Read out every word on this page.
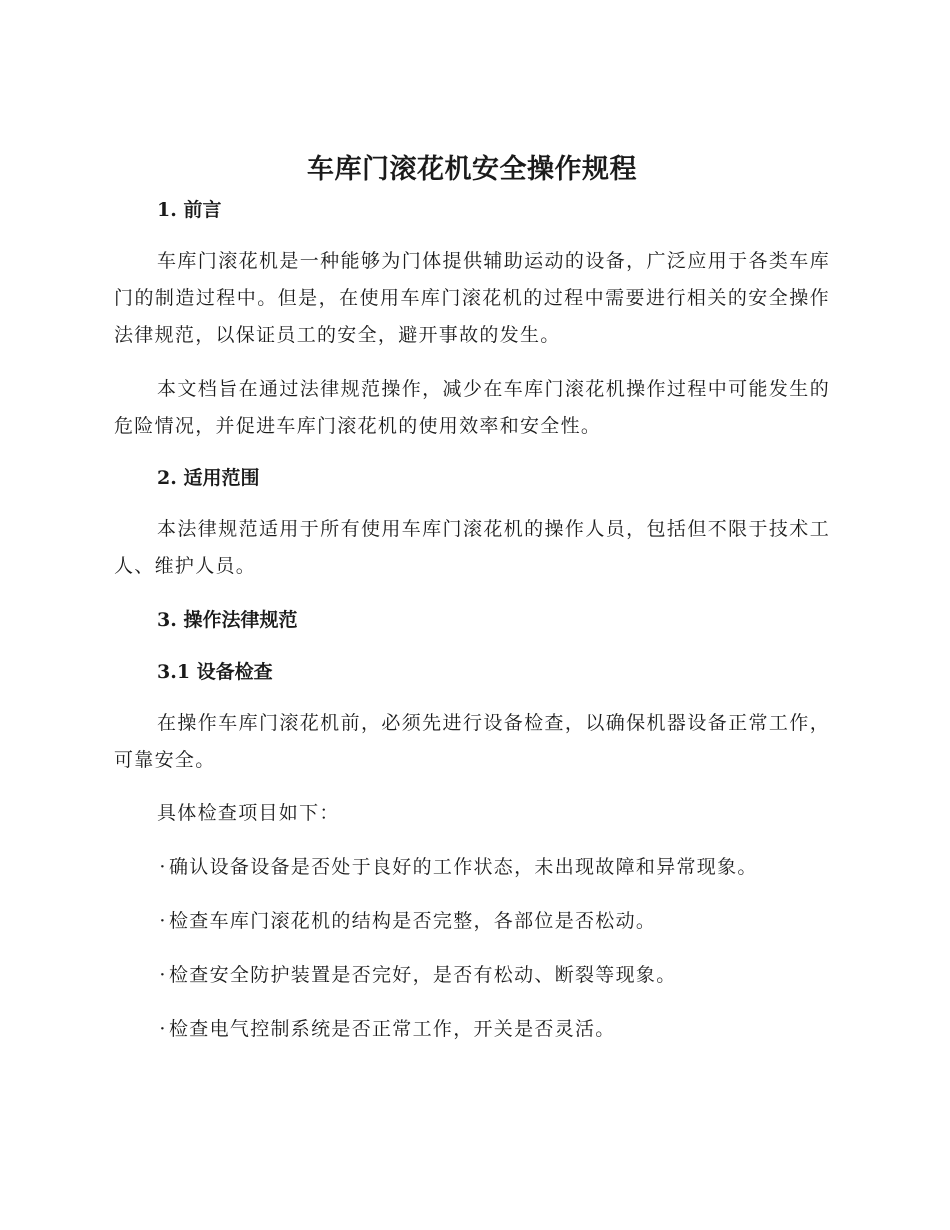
车库门滚花机安全操作规程
1. 前言

车库门滚花机是一种能够为门体提供辅助运动的设备，广泛应用于各类车库门的制造过程中。但是，在使用车库门滚花机的过程中需要进行相关的安全操作法律规范，以保证员工的安全，避开事故的发生。

本文档旨在通过法律规范操作，减少在车库门滚花机操作过程中可能发生的危险情况，并促进车库门滚花机的使用效率和安全性。

2. 适用范围

本法律规范适用于所有使用车库门滚花机的操作人员，包括但不限于技术工人、维护人员。

3. 操作法律规范
3.1 设备检查

在操作车库门滚花机前，必须先进行设备检查，以确保机器设备正常工作，可靠安全。

具体检查项目如下：

· 确认设备设备是否处于良好的工作状态，未出现故障和异常现象。

· 检查车库门滚花机的结构是否完整，各部位是否松动。

· 检查安全防护装置是否完好，是否有松动、断裂等现象。

· 检查电气控制系统是否正常工作，开关是否灵活。
